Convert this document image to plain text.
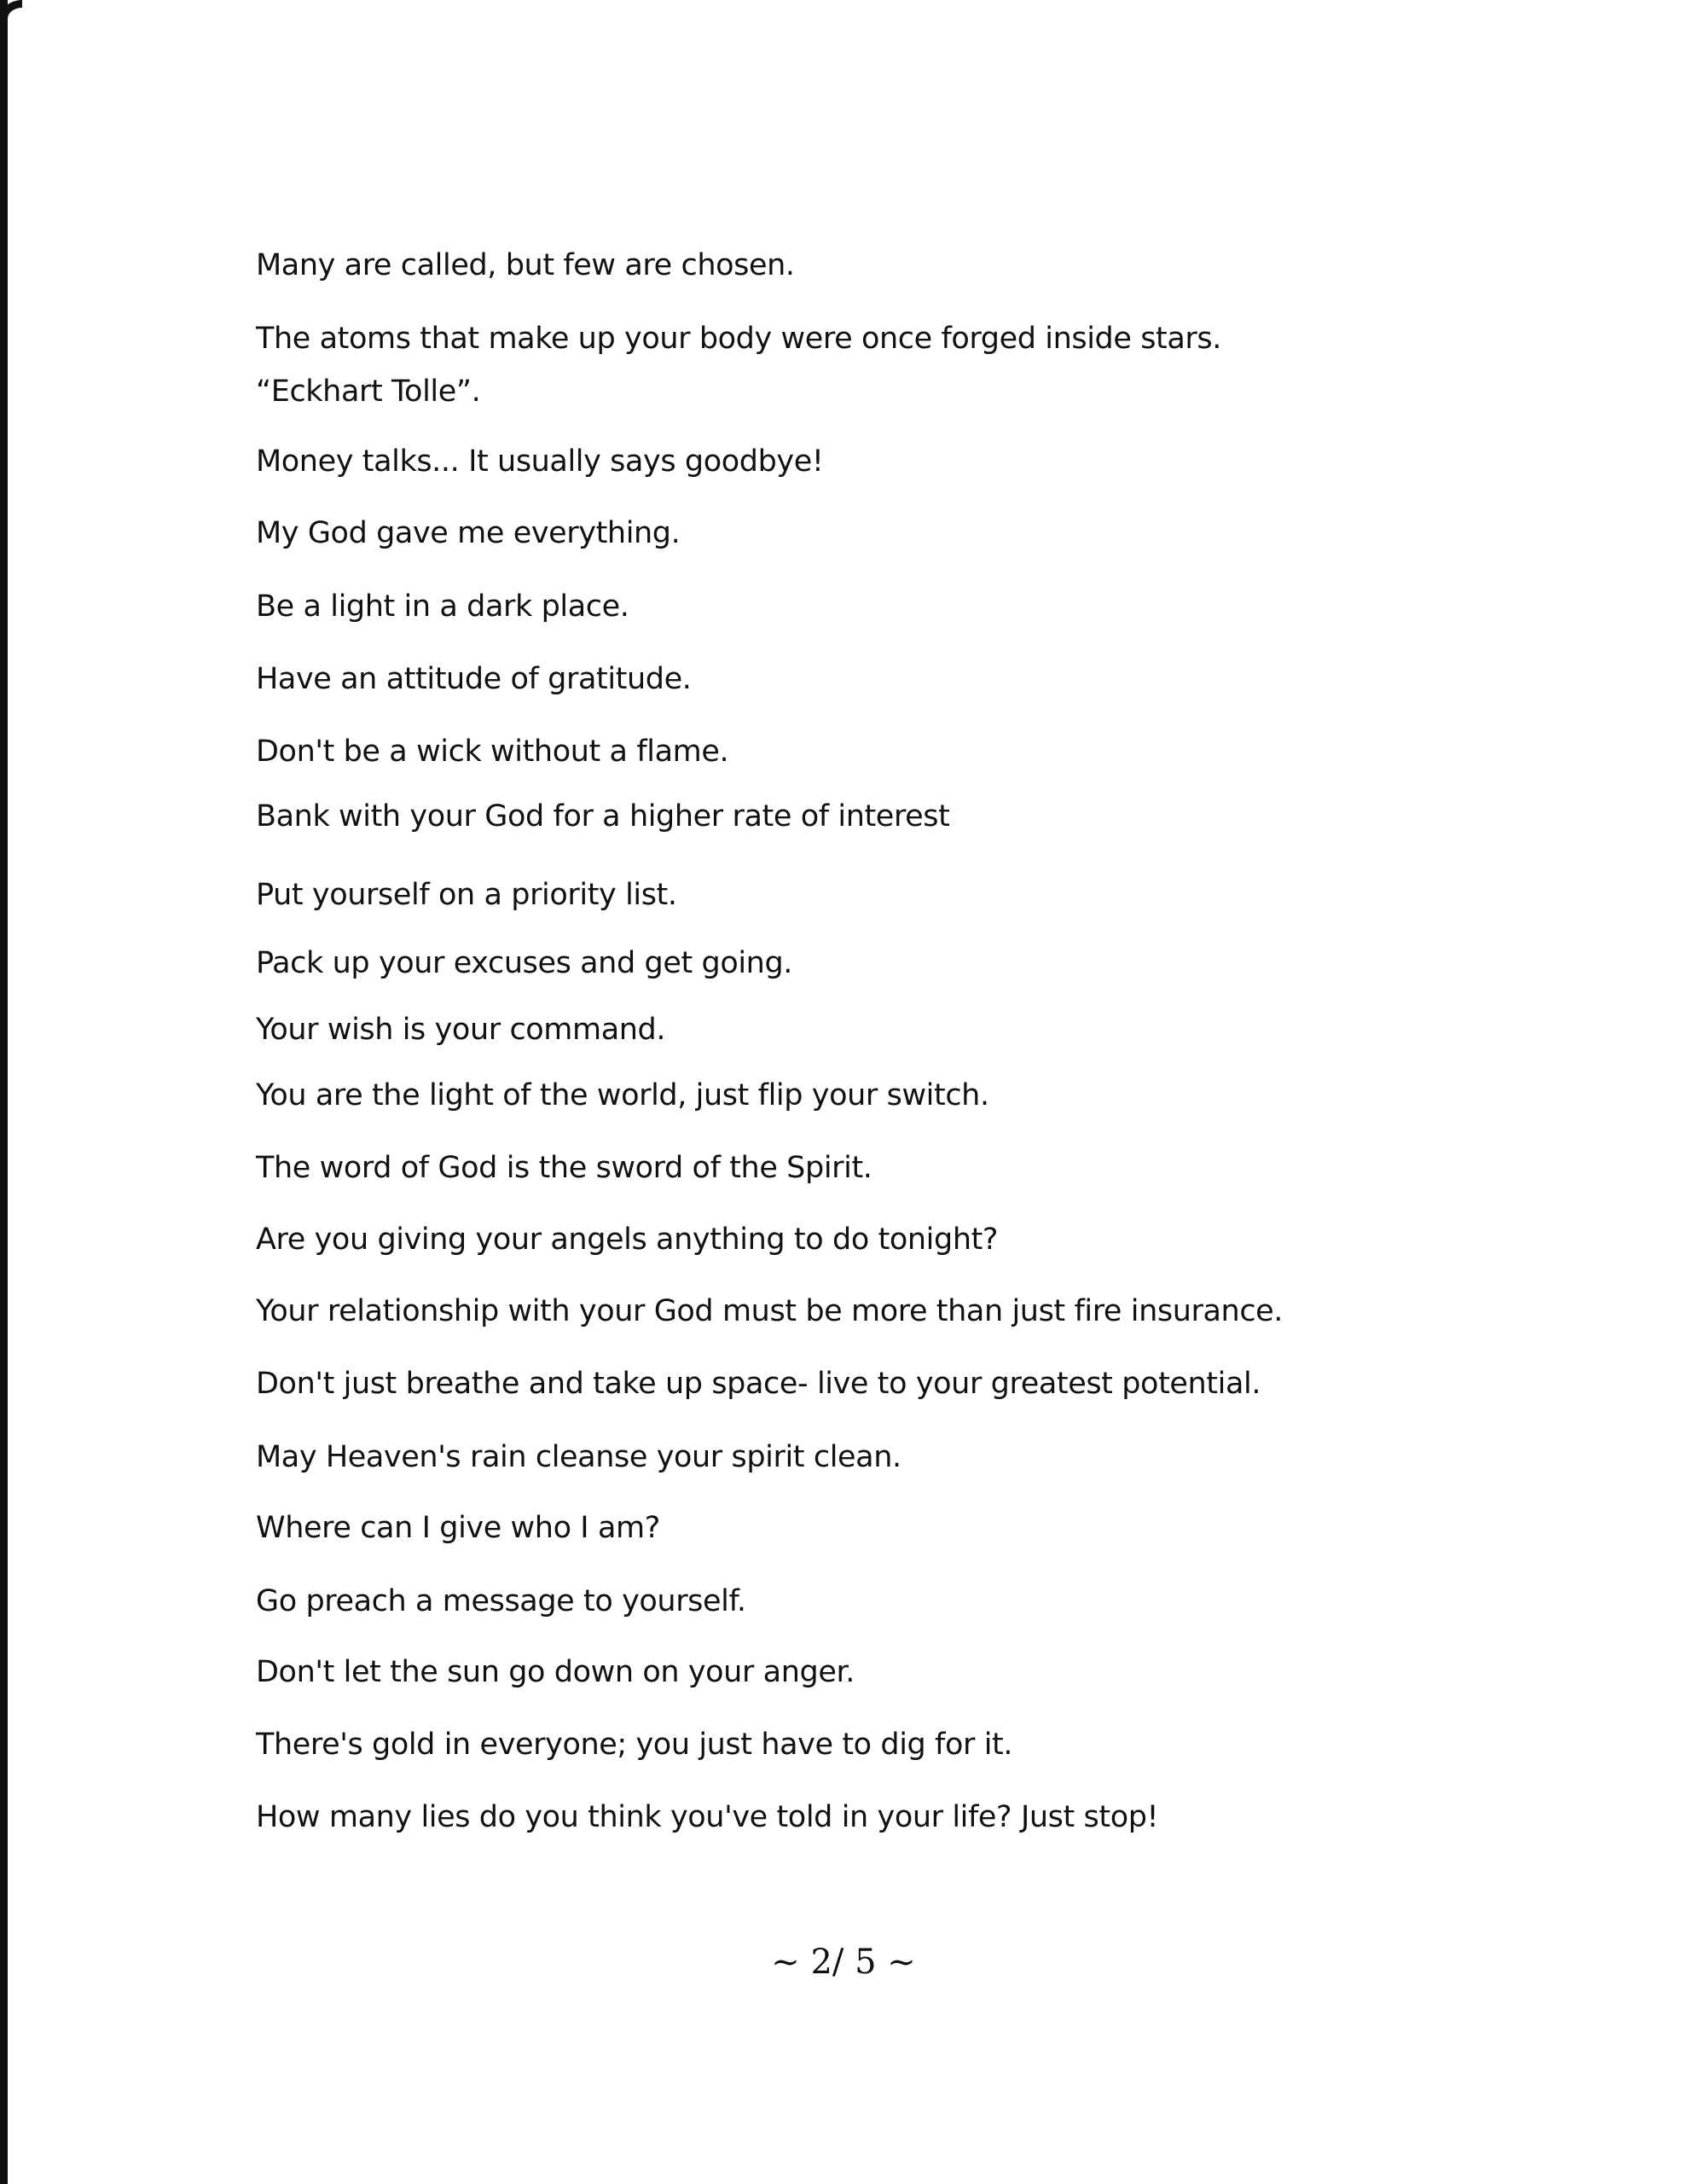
Many are called, but few are chosen.

The atoms that make up your body were once forged inside stars.

“Eckhart Tolle”.

Money talks... It usually says goodbye!

My God gave me everything.

Be a light in a dark place.

Have an attitude of gratitude.

Don't be a wick without a flame.

Bank with your God for a higher rate of interest

Put yourself on a priority list.

Pack up your excuses and get going.

Your wish is your command.

You are the light of the world, just flip your switch.

The word of God is the sword of the Spirit.

Are you giving your angels anything to do tonight?

Your relationship with your God must be more than just fire insurance.

Don't just breathe and take up space- live to your greatest potential.

May Heaven's rain cleanse your spirit clean.

Where can I give who I am?

Go preach a message to yourself.

Don't let the sun go down on your anger.

There's gold in everyone; you just have to dig for it.

How many lies do you think you've told in your life? Just stop!

~ 2/ 5 ~
